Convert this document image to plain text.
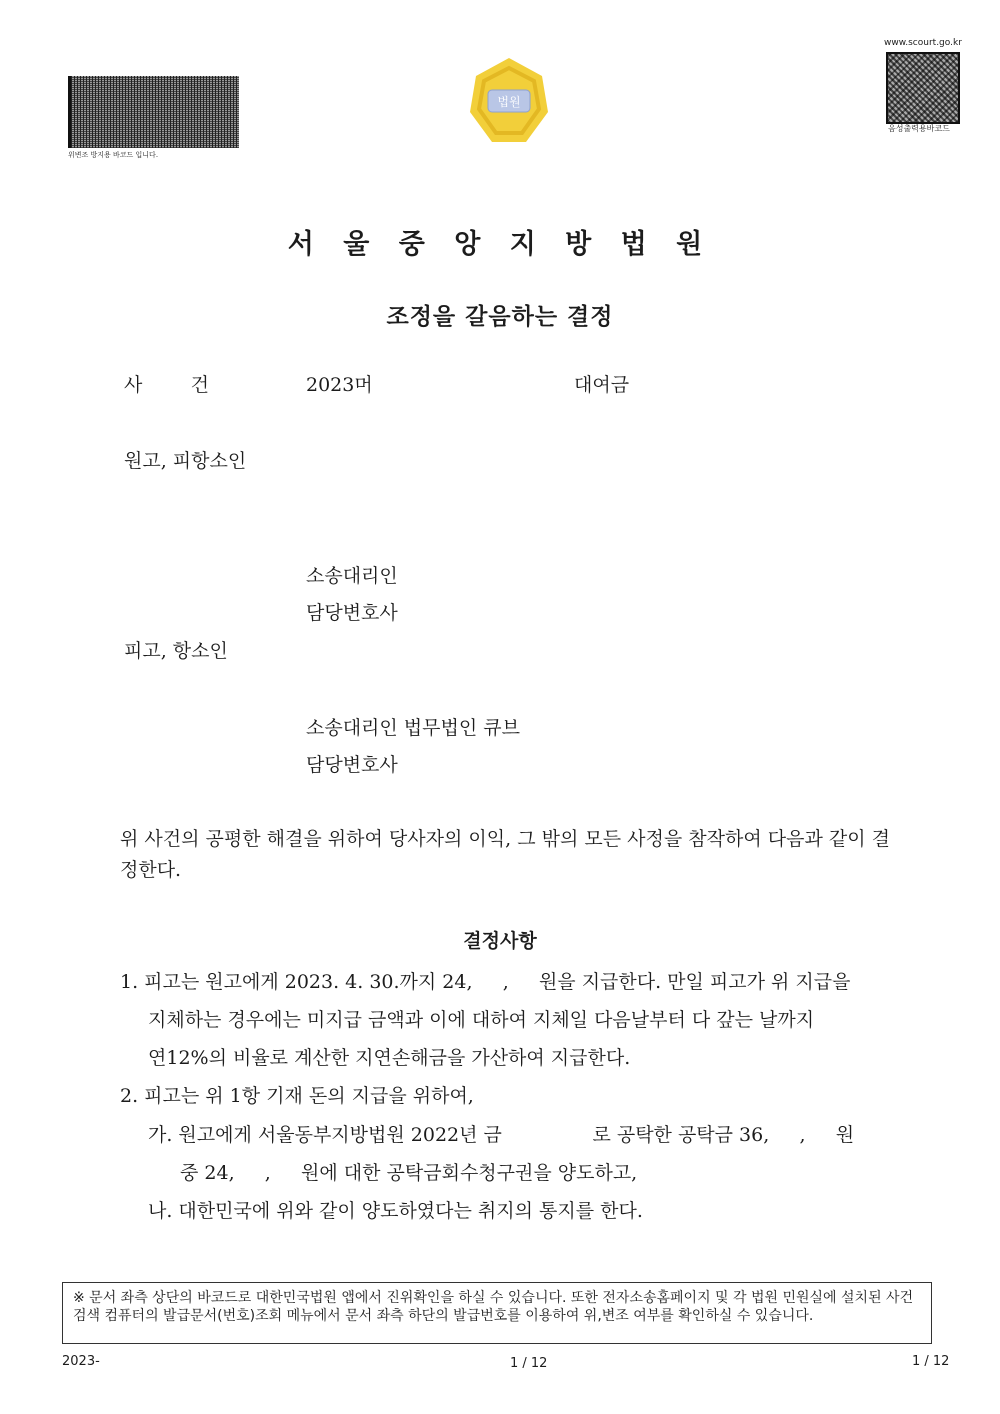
위변조 방지용 바코드 입니다.
법원
www.scourt.go.kr
음성출력용바코드
서 울 중 앙 지 방 법 원
조정을 갈음하는 결정
사        건	2023머	대여금
원고, 피항소인
소송대리인
담당변호사
피고, 항소인
소송대리인 법무법인 큐브
담당변호사
위 사건의 공평한 해결을 위하여 당사자의 이익, 그 밖의 모든 사정을 참작하여 다음과 같이 결정한다.
결정사항
1. 피고는 원고에게 2023. 4. 30.까지 24,     ,     원을 지급한다. 만일 피고가 위 지급을
지체하는 경우에는 미지급 금액과 이에 대하여 지체일 다음날부터 다 갚는 날까지
연12%의 비율로 계산한 지연손해금을 가산하여 지급한다.
2. 피고는 위 1항 기재 돈의 지급을 위하여,
가. 원고에게 서울동부지방법원 2022년 금               로 공탁한 공탁금 36,     ,     원
중 24,     ,     원에 대한 공탁금회수청구권을 양도하고,
나. 대한민국에 위와 같이 양도하였다는 취지의 통지를 한다.
※ 문서 좌측 상단의 바코드로 대한민국법원 앱에서 진위확인을 하실 수 있습니다. 또한 전자소송홈페이지 및 각 법원 민원실에 설치된 사건검색 컴퓨터의 발급문서(번호)조회 메뉴에서 문서 좌측 하단의 발급번호를 이용하여 위,변조 여부를 확인하실 수 있습니다.
2023-	1 / 12	1 / 12
